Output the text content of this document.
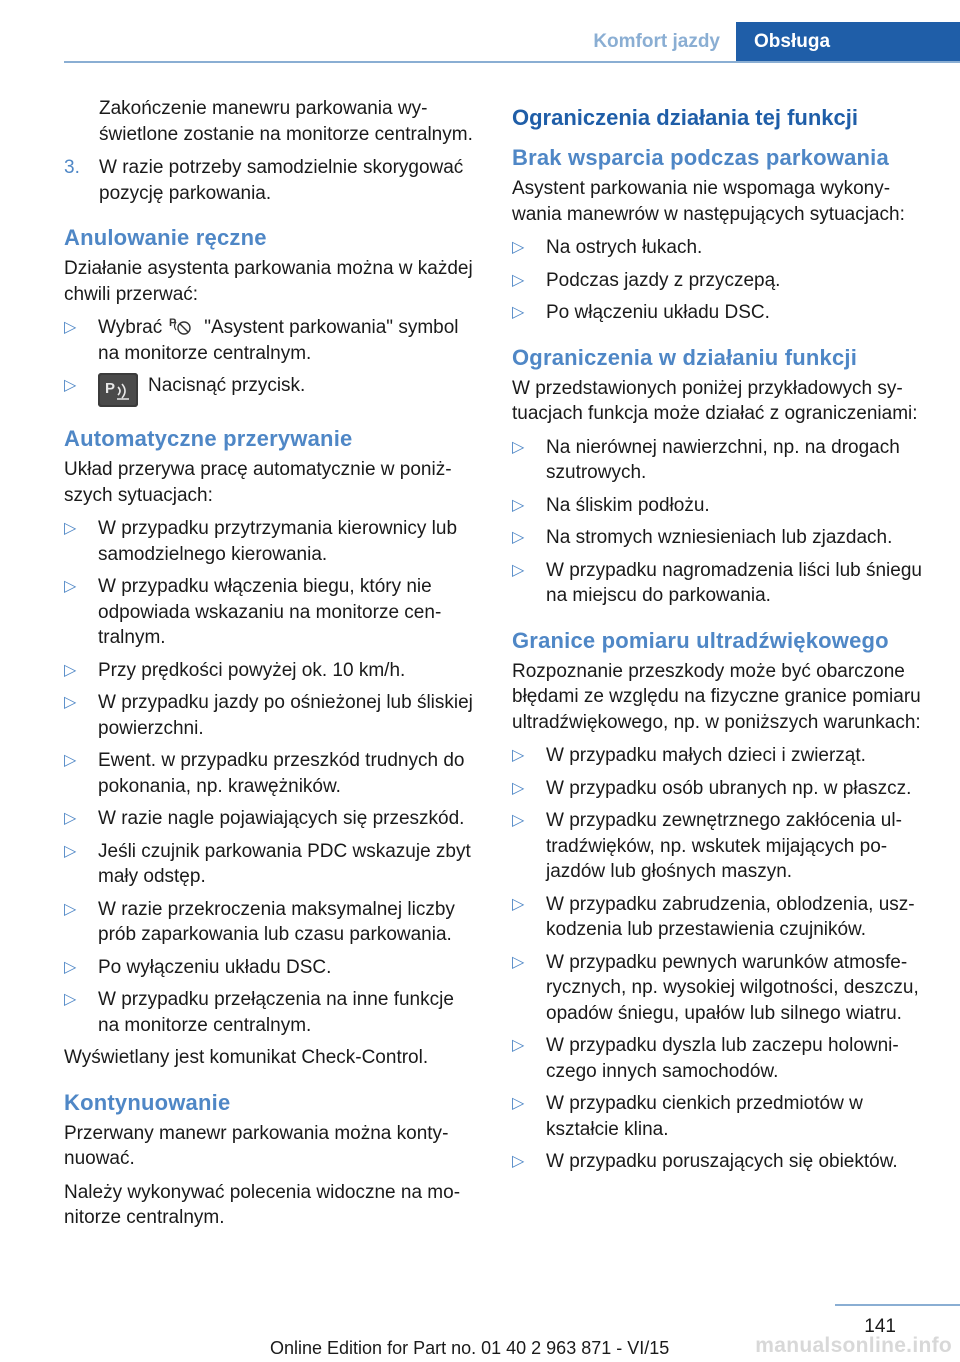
Komfort jazdy	Obsługa

Zakończenie manewru parkowania wyświetlone zostanie na monitorze centralnym.

3. W razie potrzeby samodzielnie skorygować pozycję parkowania.
Anulowanie ręczne

Działanie asystenta parkowania można w każdej chwili przerwać:

▷ Wybrać P "Asystent parkowania" symbol na monitorze centralnym.
▷ P Nacisnąć przycisk.
Automatyczne przerywanie

Układ przerywa pracę automatycznie w poniższych sytuacjach:

▷ W przypadku przytrzymania kierownicy lub samodzielnego kierowania.
▷ W przypadku włączenia biegu, który nie odpowiada wskazaniu na monitorze centralnym.
▷ Przy prędkości powyżej ok. 10 km/h.
▷ W przypadku jazdy po ośnieżonej lub śliskiej powierzchni.
▷ Ewent. w przypadku przeszkód trudnych do pokonania, np. krawężników.
▷ W razie nagle pojawiających się przeszkód.
▷ Jeśli czujnik parkowania PDC wskazuje zbyt mały odstęp.
▷ W razie przekroczenia maksymalnej liczby prób zaparkowania lub czasu parkowania.
▷ Po wyłączeniu układu DSC.
▷ W przypadku przełączenia na inne funkcje na monitorze centralnym.

Wyświetlany jest komunikat Check-Control.

Kontynuowanie

Przerwany manewr parkowania można kontynuować.

Należy wykonywać polecenia widoczne na monitorze centralnym.

Ograniczenia działania tej funkcji
Brak wsparcia podczas parkowania

Asystent parkowania nie wspomaga wykonywania manewrów w następujących sytuacjach:

▷ Na ostrych łukach.
▷ Podczas jazdy z przyczepą.
▷ Po włączeniu układu DSC.
Ograniczenia w działaniu funkcji

W przedstawionych poniżej przykładowych sytuacjach funkcja może działać z ograniczeniami:

▷ Na nierównej nawierzchni, np. na drogach szutrowych.
▷ Na śliskim podłożu.
▷ Na stromych wzniesieniach lub zjazdach.
▷ W przypadku nagromadzenia liści lub śniegu na miejscu do parkowania.
Granice pomiaru ultradźwiękowego

Rozpoznanie przeszkody może być obarczone błędami ze względu na fizyczne granice pomiaru ultradźwiękowego, np. w poniższych warunkach:

▷ W przypadku małych dzieci i zwierząt.
▷ W przypadku osób ubranych np. w płaszcz.
▷ W przypadku zewnętrznego zakłócenia ultradźwięków, np. wskutek mijających pojazdów lub głośnych maszyn.
▷ W przypadku zabrudzenia, oblodzenia, uszkodzenia lub przestawienia czujników.
▷ W przypadku pewnych warunków atmosferycznych, np. wysokiej wilgotności, deszczu, opadów śniegu, upałów lub silnego wiatru.
▷ W przypadku dyszla lub zaczepu holowniczego innych samochodów.
▷ W przypadku cienkich przedmiotów w kształcie klina.
▷ W przypadku poruszających się obiektów.
141
Online Edition for Part no. 01 40 2 963 871 - VI/15	manualsonline.info
